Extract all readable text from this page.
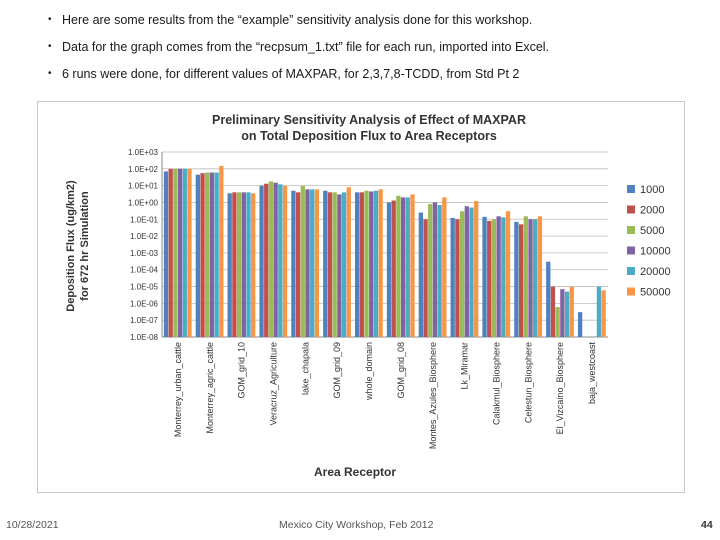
• Here are some results from the “example” sensitivity analysis done for this workshop.
• Data for the graph comes from the “recpsum_1.txt” file for each run, imported into Excel.
• 6 runs were done, for different values of MAXPAR, for 2,3,7,8-TCDD, from Std Pt 2
Preliminary Sensitivity Analysis of Effect of MAXPAR
on Total Deposition Flux to Area Receptors
Deposition Flux (ug/km2) for 672 hr Simulation
Area Receptor
1.0E+03
1.0E+02
1.0E+01
1.0E+00
1.0E-01
1.0E-02
1.0E-03
1.0E-04
1.0E-05
1.0E-06
1.0E-07
1.0E-08
Monterrey_urban_cattle Monterrey_agric_cattle GOM_grid_10 Veracruz_Agriculture lake_chapala GOM_grid_09 whole_domain GOM_grid_08 Montes_Azules_Biosphere Lk_Miramar Calakmul_Biosphere Celestun_Biosphere El_Vizcaino_Biosphere baja_westcoast
1000
2000
5000
10000
20000
50000
10/28/2021	Mexico City Workshop, Feb 2012	44
